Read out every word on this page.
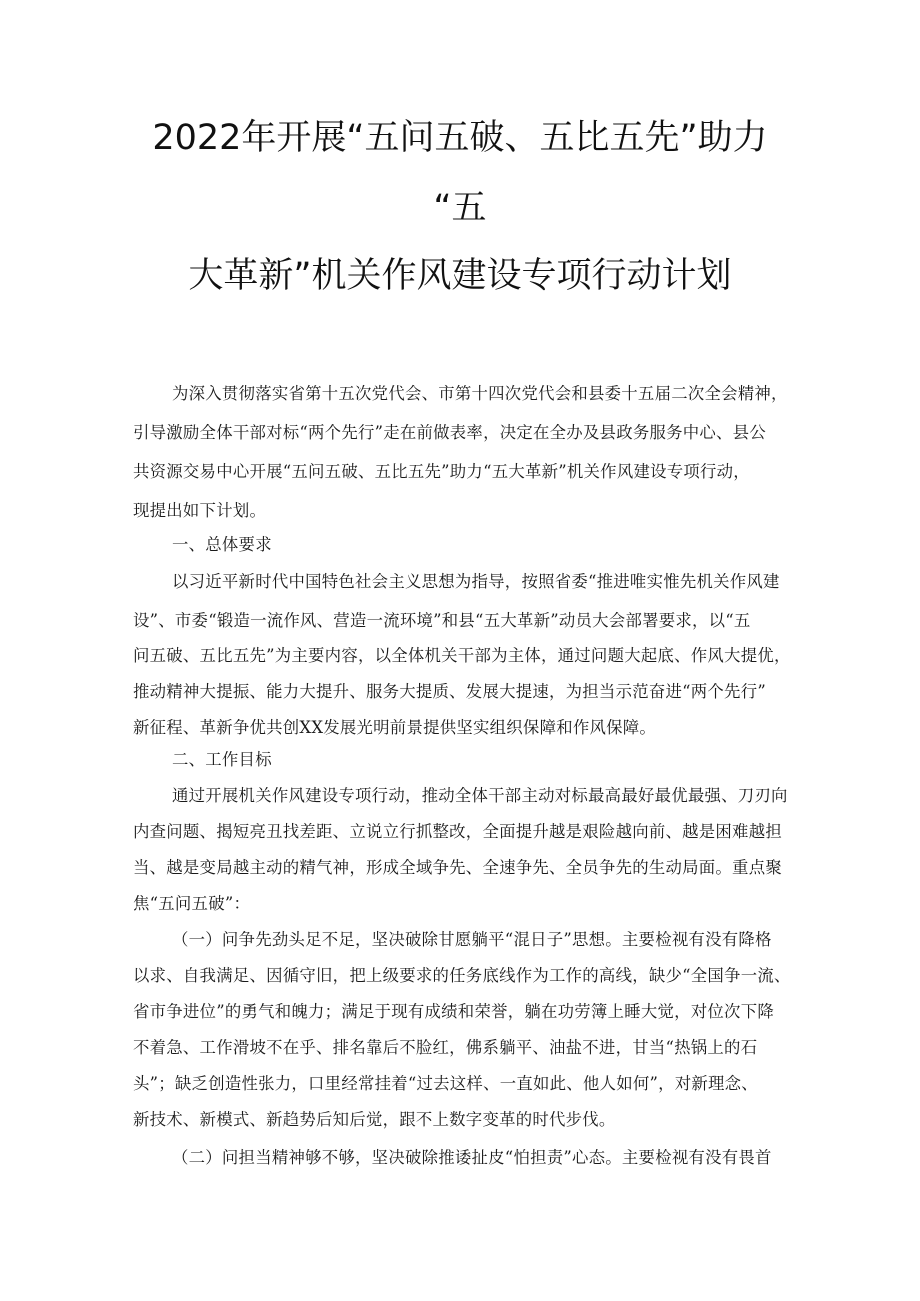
2022年开展“五问五破、五比五先”助力
“五
大革新”机关作风建设专项行动计划
为深入贯彻落实省第十五次党代会、市第十四次党代会和县委十五届二次全会精神，
引导激励全体干部对标“两个先行”走在前做表率，决定在全办及县政务服务中心、县公
共资源交易中心开展“五问五破、五比五先”助力“五大革新”机关作风建设专项行动，
现提出如下计划。
一、总体要求
以习近平新时代中国特色社会主义思想为指导，按照省委“推进唯实惟先机关作风建
设”、市委“锻造一流作风、营造一流环境”和县“五大革新”动员大会部署要求，以“五
问五破、五比五先”为主要内容，以全体机关干部为主体，通过问题大起底、作风大提优，
推动精神大提振、能力大提升、服务大提质、发展大提速，为担当示范奋进“两个先行”
新征程、革新争优共创XX发展光明前景提供坚实组织保障和作风保障。
二、工作目标
通过开展机关作风建设专项行动，推动全体干部主动对标最高最好最优最强、刀刃向
内查问题、揭短亮丑找差距、立说立行抓整改，全面提升越是艰险越向前、越是困难越担
当、越是变局越主动的精气神，形成全域争先、全速争先、全员争先的生动局面。重点聚
焦“五问五破”：
（一）问争先劲头足不足，坚决破除甘愿躺平“混日子”思想。主要检视有没有降格
以求、自我满足、因循守旧，把上级要求的任务底线作为工作的高线，缺少“全国争一流、
省市争进位”的勇气和魄力；满足于现有成绩和荣誉，躺在功劳簿上睡大觉，对位次下降
不着急、工作滑坡不在乎、排名靠后不脸红，佛系躺平、油盐不进，甘当“热锅上的石
头”；缺乏创造性张力，口里经常挂着“过去这样、一直如此、他人如何”，对新理念、
新技术、新模式、新趋势后知后觉，跟不上数字变革的时代步伐。
（二）问担当精神够不够，坚决破除推诿扯皮“怕担责”心态。主要检视有没有畏首
